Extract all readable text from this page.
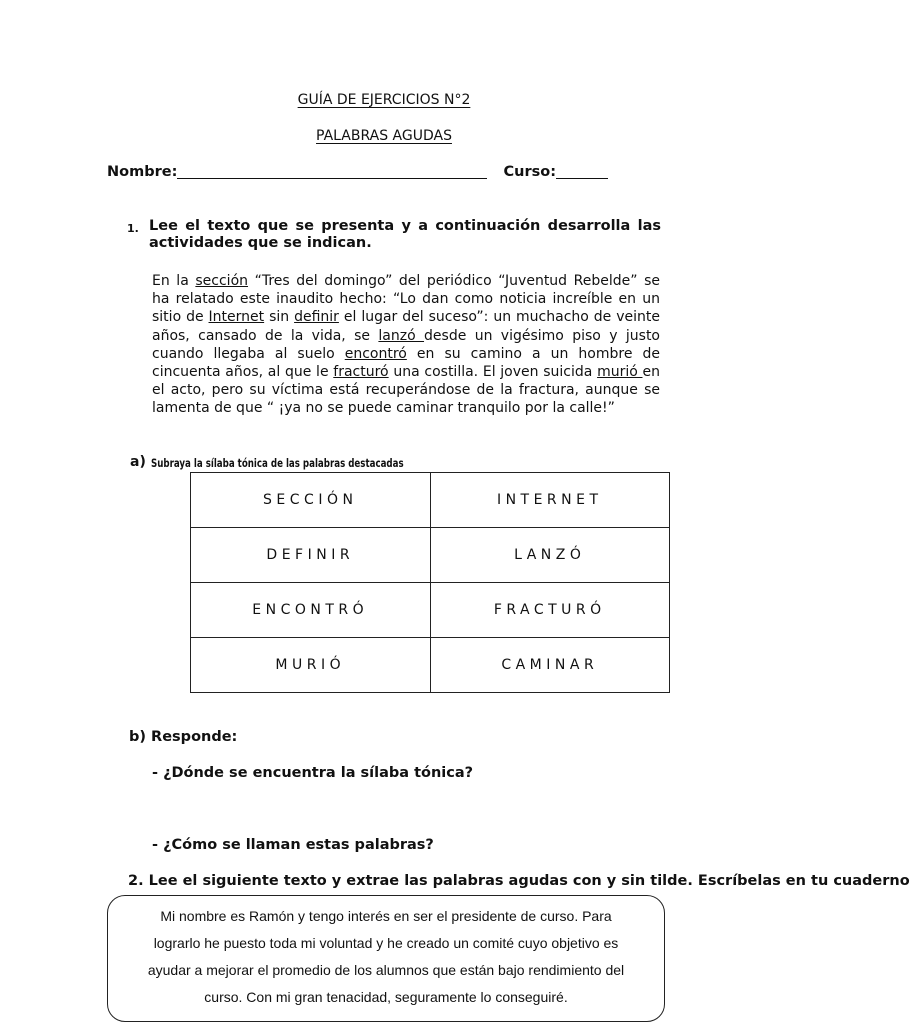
GUÍA DE EJERCICIOS N°2
PALABRAS AGUDAS
Nombre:	Curso:
1. Lee el texto que se presenta y a continuación desarrolla las actividades que se indican.

En la sección “Tres del domingo” del periódico “Juventud Rebelde” se ha relatado este inaudito hecho: “Lo dan como noticia increíble en un sitio de Internet sin definir el lugar del suceso”: un muchacho de veinte años, cansado de la vida, se lanzó desde un vigésimo piso y justo cuando llegaba al suelo encontró en su camino a un hombre de cincuenta años, al que le fracturó una costilla. El joven suicida murió en el acto, pero su víctima está recuperándose de la fractura, aunque se lamenta de que “ ¡ya no se puede caminar tranquilo por la calle!”

a) Subraya la sílaba tónica de las palabras destacadas
SECCIÓN	INTERNET
DEFINIR	LANZÓ
ENCONTRÓ	FRACTURÓ
MURIÓ	CAMINAR
b) Responde:
- ¿Dónde se encuentra la sílaba tónica?
- ¿Cómo se llaman estas palabras?
2. Lee el siguiente texto y extrae las palabras agudas con y sin tilde. Escríbelas en tu cuaderno
Mi nombre es Ramón y tengo interés en ser el presidente de curso. Para
lograrlo he puesto toda mi voluntad y he creado un comité cuyo objetivo es
ayudar a mejorar el promedio de los alumnos que están bajo rendimiento del
curso. Con mi gran tenacidad, seguramente lo conseguiré.
